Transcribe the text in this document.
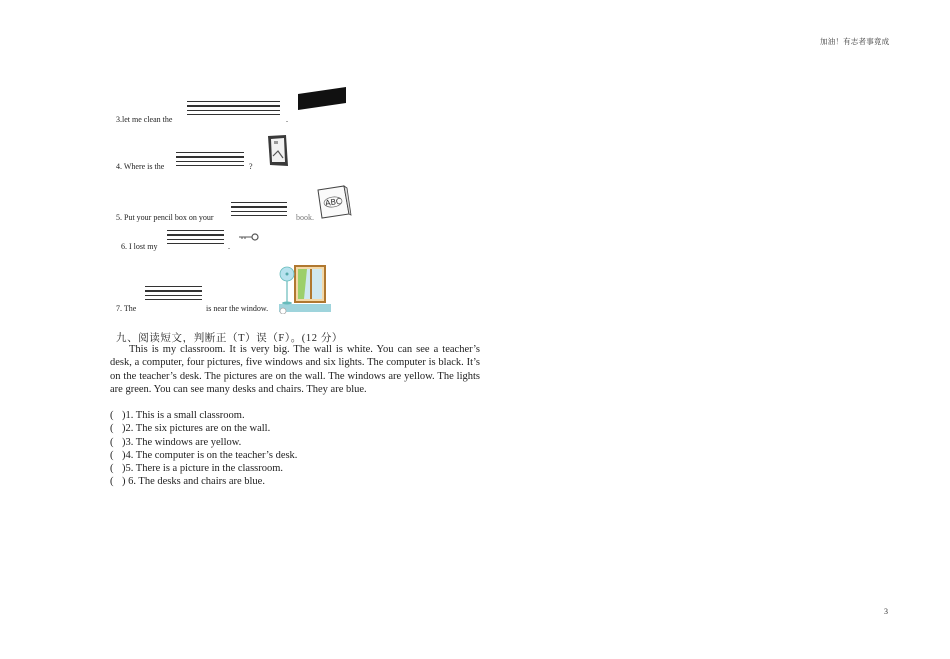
加油！有志者事竟成
3.let me clean the	.
4. Where is the	?
5. Put your pencil box on your	book.
ABC
6. I lost my	.
7. The	is near the window.
九、阅读短文，判断正（T）误（F）。(12 分）

This is my classroom. It is very big. The wall is white. You can see a teacher’s desk, a computer, four pictures, five windows and six lights. The computer is black. It’s on the teacher’s desk. The pictures are on the wall. The windows are yellow. The lights are green. You can see many desks and chairs. They are blue.

( )1. This is a small classroom.
( )2. The six pictures are on the wall.
( )3. The windows are yellow.
( )4. The computer is on the teacher’s desk.
( )5. There is a picture in the classroom.
( ) 6. The desks and chairs are blue.
3
